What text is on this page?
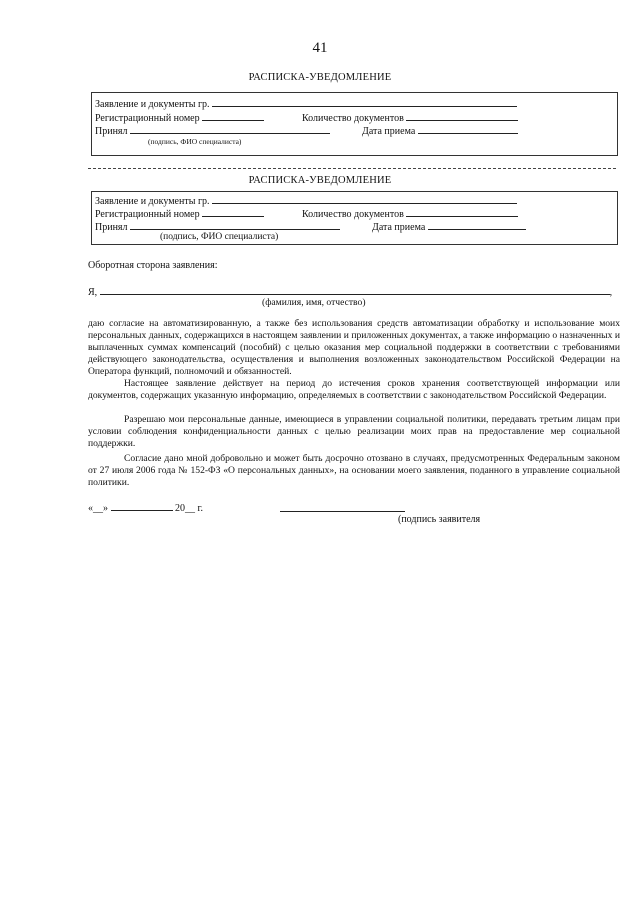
41
РАСПИСКА-УВЕДОМЛЕНИЕ
Заявление и документы гр.
Регистрационный номер	Количество документов
Принял	Дата приема
(подпись, ФИО специалиста)
РАСПИСКА-УВЕДОМЛЕНИЕ
Заявление и документы гр.
Регистрационный номер	Количество документов
Принял	Дата приема
(подпись, ФИО специалиста)
Оборотная сторона заявления:
Я,	,
(фамилия, имя, отчество)
даю согласие на автоматизированную, а также без использования средств автоматизации обработку и использование моих персональных данных, содержащихся в настоящем заявлении и приложенных документах, а также информацию о назначенных и выплаченных суммах компенсаций (пособий) с целью оказания мер социальной поддержки в соответствии с требованиями действующего законодательства, осуществления и выполнения возложенных законодательством Российской Федерации на Оператора функций, полномочий и обязанностей.
Настоящее заявление действует на период до истечения сроков хранения соответствующей информации или документов, содержащих указанную информацию, определяемых в соответствии с законодательством Российской Федерации.
Разрешаю мои персональные данные, имеющиеся в управлении социальной политики, передавать третьим лицам при условии соблюдения конфиденциальности данных с целью реализации моих прав на предоставление мер социальной поддержки.
Согласие дано мной добровольно и может быть досрочно отозвано в случаях, предусмотренных Федеральным законом от 27 июля 2006 года № 152-ФЗ «О персональных данных», на основании моего заявления, поданного в управление социальной политики.
«__»	20__ г.
(подпись заявителя
